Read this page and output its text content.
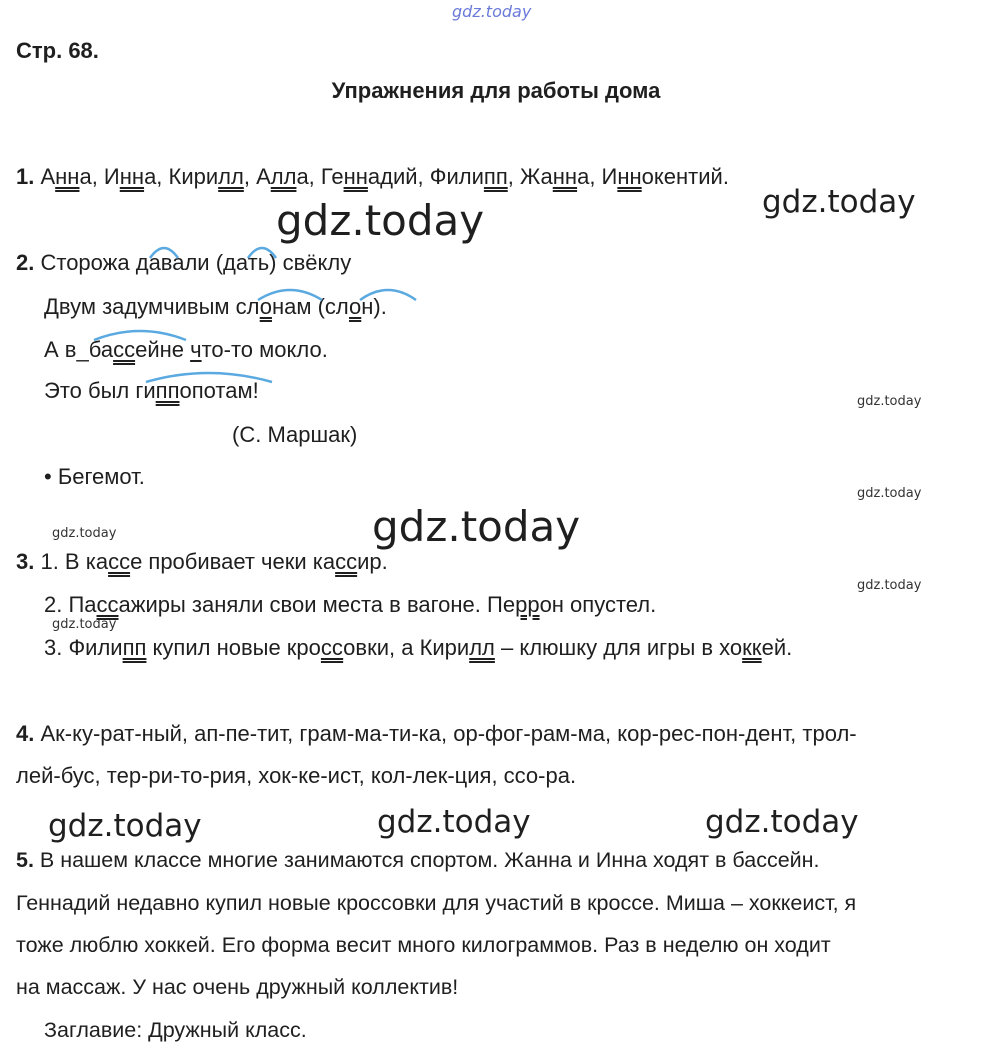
gdz.today
gdz.today	gdz.today
gdz.today
gdz.today
gdz.today
gdz.today
gdz.today
gdz.today
gdz.today	gdz.today	gdz.today
Стр. 68.
Упражнения для работы дома
1. Анна, Инна, Кирилл, Алла, Геннадий, Филипп, Жанна, Иннокентий.
2. Сторожа давали (дать) свёклу
Двум задумчивым слонам (слон).
А в_бассейне что-то мокло.
Это был гиппопотам!
(С. Маршак)
• Бегемот.
3. 1. В кассе пробивает чеки кассир.
2. Пассажиры заняли свои места в вагоне. Перрон опустел.
3. Филипп купил новые кроссовки, а Кирилл – клюшку для игры в хоккей.
4. Ак-ку-рат-ный, ап-пе-тит, грам-ма-ти-ка, ор-фог-рам-ма, кор-рес-пон-дент, трол-
лей-бус, тер-ри-то-рия, хок-ке-ист, кол-лек-ция, ссо-ра.
5. В нашем классе многие занимаются спортом. Жанна и Инна ходят в бассейн.
Геннадий недавно купил новые кроссовки для участий в кроссе. Миша – хоккеист, я
тоже люблю хоккей. Его форма весит много килограммов. Раз в неделю он ходит
на массаж. У нас очень дружный коллектив!
Заглавие: Дружный класс.
